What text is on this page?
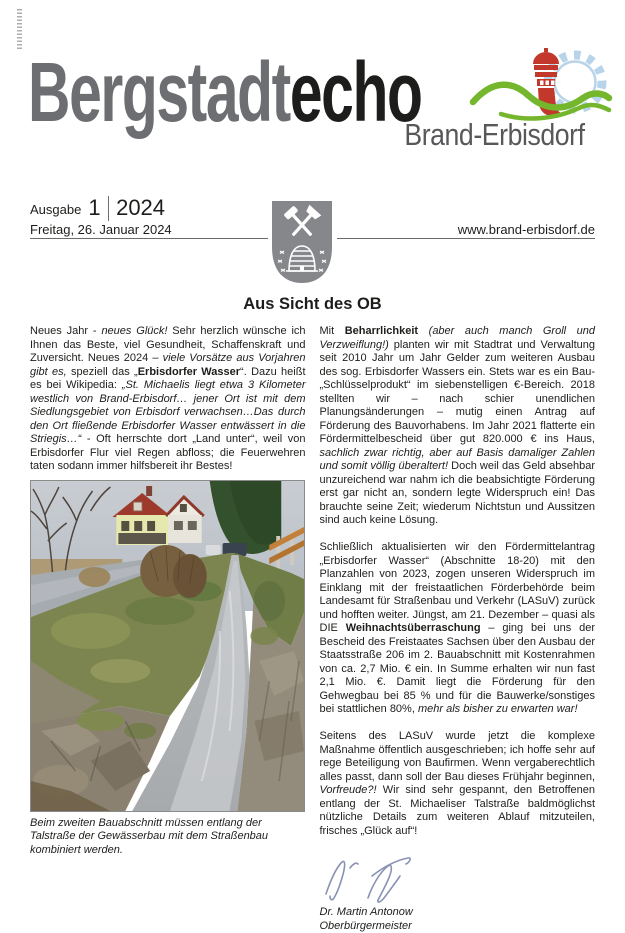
Bergstadtecho
Brand-Erbisdorf
Ausgabe 1 2024
Freitag, 26. Januar 2024	www.brand-erbisdorf.de
Aus Sicht des OB

Neues Jahr - neues Glück! Sehr herzlich wünsche ich Ihnen das Beste, viel Gesundheit, Schaffenskraft und Zuversicht. Neues 2024 – viele Vorsätze aus Vorjahren gibt es, speziell das „Erbisdorfer Wasser“. Dazu heißt es bei Wikipedia: „St. Michaelis liegt etwa 3 Kilometer westlich von Brand-Erbisdorf… jener Ort ist mit dem Siedlungsgebiet von Erbisdorf verwachsen…Das durch den Ort fließende Erbisdorfer Wasser entwässert in die Striegis…“ - Oft herrschte dort „Land unter“, weil von Erbisdorfer Flur viel Regen abfloss; die Feuerwehren taten sodann immer hilfsbereit ihr Bestes!

Beim zweiten Bauabschnitt müssen entlang der Talstraße der Gewässerbau mit dem Straßenbau kombiniert werden.

Mit Beharrlichkeit (aber auch manch Groll und Verzweiflung!) planten wir mit Stadtrat und Verwaltung seit 2010 Jahr um Jahr Gelder zum weiteren Ausbau des sog. Erbisdorfer Wassers ein. Stets war es ein Bau-„Schlüsselprodukt“ im siebenstelligen €-Bereich. 2018 stellten wir – nach schier unendlichen Planungsänderungen – mutig einen Antrag auf Förderung des Bauvorhabens. Im Jahr 2021 flatterte ein Fördermittelbescheid über gut 820.000 € ins Haus, sachlich zwar richtig, aber auf Basis damaliger Zahlen und somit völlig überaltert! Doch weil das Geld absehbar unzureichend war nahm ich die beabsichtigte Förderung erst gar nicht an, sondern legte Widerspruch ein! Das brauchte seine Zeit; wiederum Nichtstun und Aussitzen sind auch keine Lösung.

Schließlich aktualisierten wir den Fördermittelantrag „Erbisdorfer Wasser“ (Abschnitte 18-20) mit den Planzahlen von 2023, zogen unseren Widerspruch im Einklang mit der freistaatlichen Förderbehörde beim Landesamt für Straßenbau und Verkehr (LASuV) zurück und hofften weiter. Jüngst, am 21. Dezember – quasi als DIE Weihnachtsüberraschung – ging bei uns der Bescheid des Freistaates Sachsen über den Ausbau der Staatsstraße 206 im 2. Bauabschnitt mit Kostenrahmen von ca. 2,7 Mio. € ein. In Summe erhalten wir nun fast 2,1 Mio. €. Damit liegt die Förderung für den Gehwegbau bei 85 % und für die Bauwerke/sonstiges bei stattlichen 80%, mehr als bisher zu erwarten war!

Seitens des LASuV wurde jetzt die komplexe Maßnahme öffentlich ausgeschrieben; ich hoffe sehr auf rege Beteiligung von Baufirmen. Wenn vergaberechtlich alles passt, dann soll der Bau dieses Frühjahr beginnen, Vorfreude?! Wir sind sehr gespannt, den Betroffenen entlang der St. Michaeliser Talstraße baldmöglichst nützliche Details zum weiteren Ablauf mitzuteilen, frisches „Glück auf“!

Dr. Martin Antonow
Oberbürgermeister
